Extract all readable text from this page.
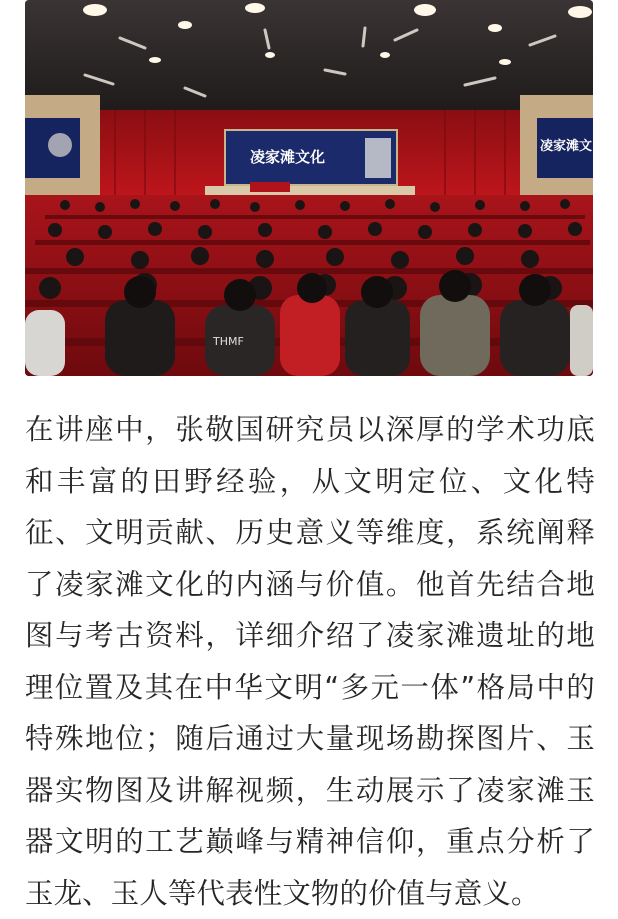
凌家滩文化
凌家滩文
THMF

在讲座中，张敬国研究员以深厚的学术功底和丰富的田野经验，从文明定位、文化特征、文明贡献、历史意义等维度，系统阐释了凌家滩文化的内涵与价值。他首先结合地图与考古资料，详细介绍了凌家滩遗址的地理位置及其在中华文明“多元一体”格局中的特殊地位；随后通过大量现场勘探图片、玉器实物图及讲解视频，生动展示了凌家滩玉器文明的工艺巅峰与精神信仰，重点分析了玉龙、玉人等代表性文物的价值与意义。
